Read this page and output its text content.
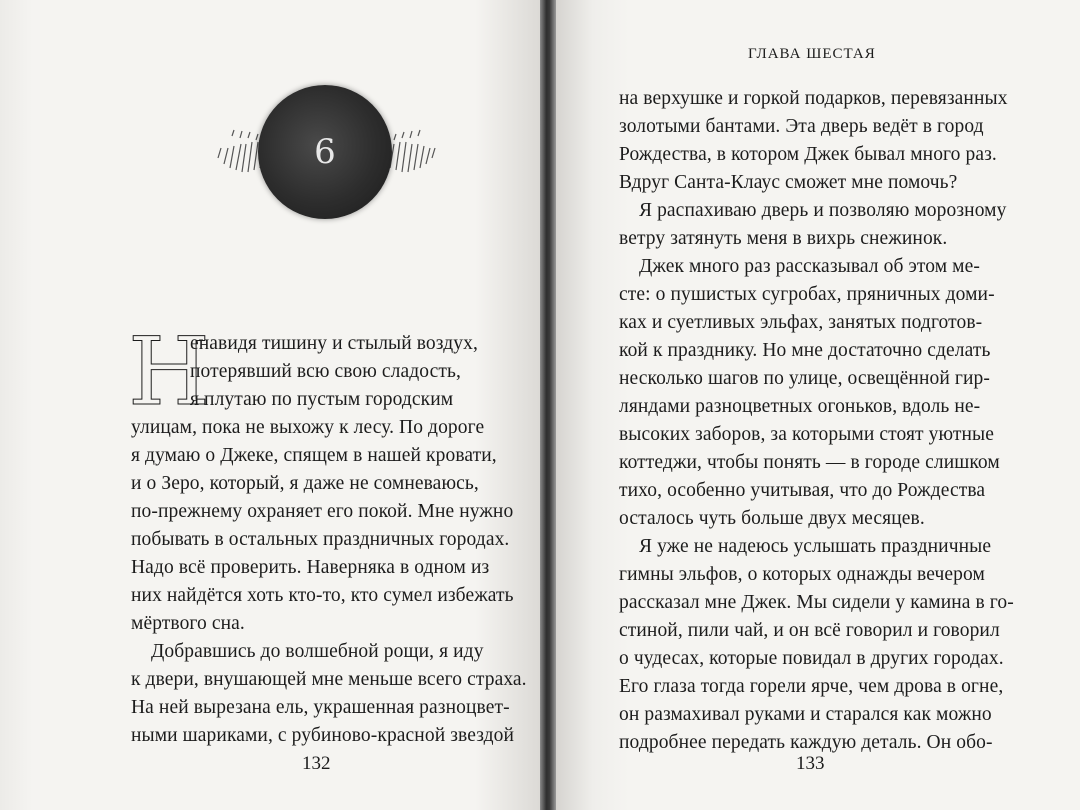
6
Н
енавидя тишину и стылый воздух,
потерявший всю свою сладость,
я плутаю по пустым городским
улицам, пока не выхожу к лесу. По дороге
я думаю о Джеке, спящем в нашей кровати,
и о Зеро, который, я даже не сомневаюсь,
по-прежнему охраняет его покой. Мне нужно
побывать в остальных праздничных городах.
Надо всё проверить. Наверняка в одном из
них найдётся хоть кто-то, кто сумел избежать
мёртвого сна.
Добравшись до волшебной рощи, я иду
к двери, внушающей мне меньше всего страха.
На ней вырезана ель, украшенная разноцвет-
ными шариками, с рубиново-красной звездой
132
ГЛАВА ШЕСТАЯ
на верхушке и горкой подарков, перевязанных
золотыми бантами. Эта дверь ведёт в город
Рождества, в котором Джек бывал много раз.
Вдруг Санта-Клаус сможет мне помочь?
Я распахиваю дверь и позволяю морозному
ветру затянуть меня в вихрь снежинок.
Джек много раз рассказывал об этом ме-
сте: о пушистых сугробах, пряничных доми-
ках и суетливых эльфах, занятых подготов-
кой к празднику. Но мне достаточно сделать
несколько шагов по улице, освещённой гир-
ляндами разноцветных огоньков, вдоль не-
высоких заборов, за которыми стоят уютные
коттеджи, чтобы понять — в городе слишком
тихо, особенно учитывая, что до Рождества
осталось чуть больше двух месяцев.
Я уже не надеюсь услышать праздничные
гимны эльфов, о которых однажды вечером
рассказал мне Джек. Мы сидели у камина в го-
стиной, пили чай, и он всё говорил и говорил
о чудесах, которые повидал в других городах.
Его глаза тогда горели ярче, чем дрова в огне,
он размахивал руками и старался как можно
подробнее передать каждую деталь. Он обо-
133
